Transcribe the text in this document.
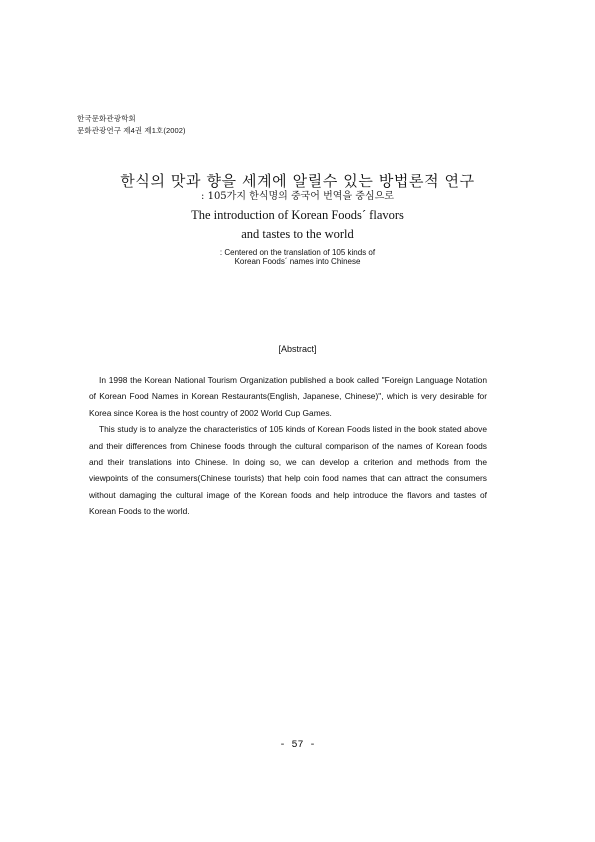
한국문화관광학회
문화관광연구 제4권 제1호(2002)
한식의 맛과 향을 세계에 알릴수 있는 방법론적 연구
: 105가지 한식명의 중국어 번역을 중심으로
The introduction of Korean Foods´ flavors
and tastes to the world
: Centered on the translation of 105 kinds of
Korean Foods´ names into Chinese
[Abstract]

In 1998 the Korean National Tourism Organization published a book called "Foreign Language Notation of Korean Food Names in Korean Restaurants(English, Japanese, Chinese)", which is very desirable for Korea since Korea is the host country of 2002 World Cup Games.

This study is to analyze the characteristics of 105 kinds of Korean Foods listed in the book stated above and their differences from Chinese foods through the cultural comparison of the names of Korean foods and their translations into Chinese. In doing so, we can develop a criterion and methods from the viewpoints of the consumers(Chinese tourists) that help coin food names that can attract the consumers without damaging the cultural image of the Korean foods and help introduce the flavors and tastes of Korean Foods to the world.

- 57 -
